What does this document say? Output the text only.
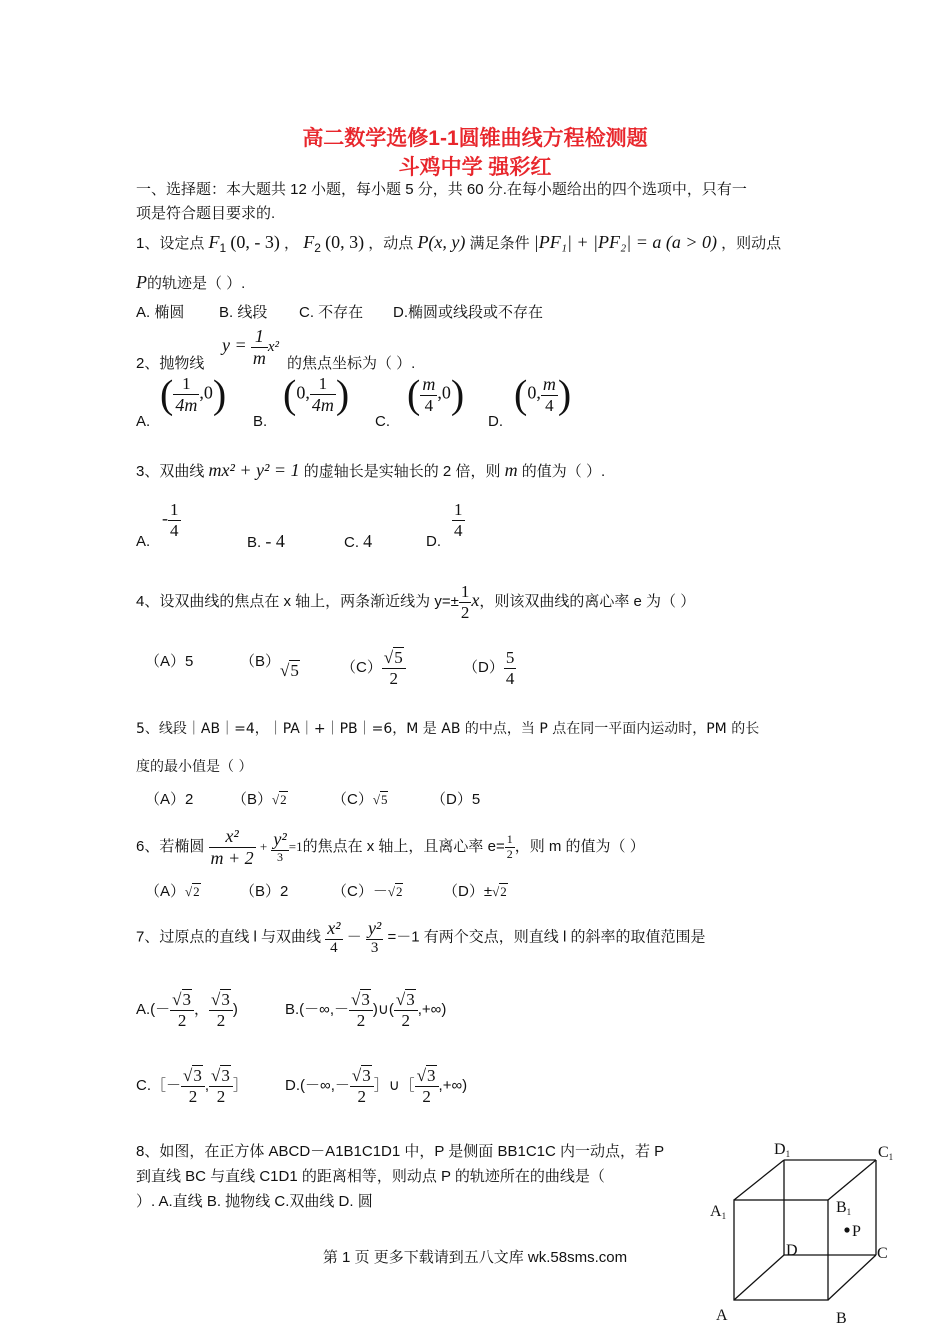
高二数学选修1-1圆锥曲线方程检测题
斗鸡中学 强彩红
一、选择题：本大题共 12 小题，每小题 5 分，共 60 分.在每小题给出的四个选项中，只有一
项是符合题目要求的.
1、设定点 $F_1$ (0, - 3) ， $F_2$ (0, 3) ，动点 P(x, y) 满足条件 |PF₁| + |PF₂| = a (a > 0) ，则动点
P的轨迹是（ ）.
A. 椭圆 B. 线段 C. 不存在 D.椭圆或线段或不存在
2、抛物线
$y = \frac{1}{m} x^2$
的焦点坐标为（ ）.
A.
( $\frac{1}{4m} ,0$)
B.
(0, $\frac{1}{4m}$ )
C.
( $\frac{m}{4} ,0$)
D.
(0, $\frac{m}{4}$ )
3、双曲线 mx² + y² = 1 的虚轴长是实轴长的 2 倍，则 m 的值为（ ）.
A.
- $\frac{1}{4}$
B. - 4	C. 4	D.
$\frac{1}{4}$
4、设双曲线的焦点在 x 轴上，两条渐近线为 $y=\pm \frac{1}{2}$ x，则该双曲线的离心率 e 为（ ）
（A）5	（B）√5	$(C) \frac{√5}{2}$	$(D) \frac{5}{4}$
5、线段｜AB｜=4，｜PA｜+｜PB｜=6，M 是 AB 的中点，当 P 点在同一平面内运动时，PM 的长
度的最小值是（ ）
（A）2	（B）√2	（C）√5	（D）5
6、若椭圆 $\frac{\text{x²}}{m + 2} + \frac{\text{y²}}{3} =1$的焦点在 x 轴上，且离心率 $e= \frac{1}{2}$ ，则 m 的值为（ ）
（A）√2	（B）2	（C）－√2	（D）±√2
7、过原点的直线 l 与双曲线 $\frac{\text{x²}}{4} - \frac{\text{y²}}{3} =-1$ 有两个交点，则直线 l 的斜率的取值范围是
$A.(- \frac{√3}{2}$ ， $\frac{√3}{2}$ )	$B.(-\infty,- \frac{√3}{2}$ )∪( $\frac{√3}{2}$ ,+∞)
C.［－ $\frac{√3}{2}$ , $\frac{√3}{2}$ ］ $D.(-\infty,- \frac{√3}{2}$ ］∪［ $\frac{√3}{2}$ ,+∞)
8、如图，在正方体 ABCD－A1B1C1D1 中，P 是侧面 BB1C1C 内一动点，若 P
到直线 BC 与直线 C1D1 的距离相等，则动点 P 的轨迹所在的曲线是（
）. A.直线 B. 抛物线 C.双曲线 D. 圆
D1	C1
A1	B1
P
D	C
A	B
第 1 页 更多下载请到五八文库 wk.58sms.com
